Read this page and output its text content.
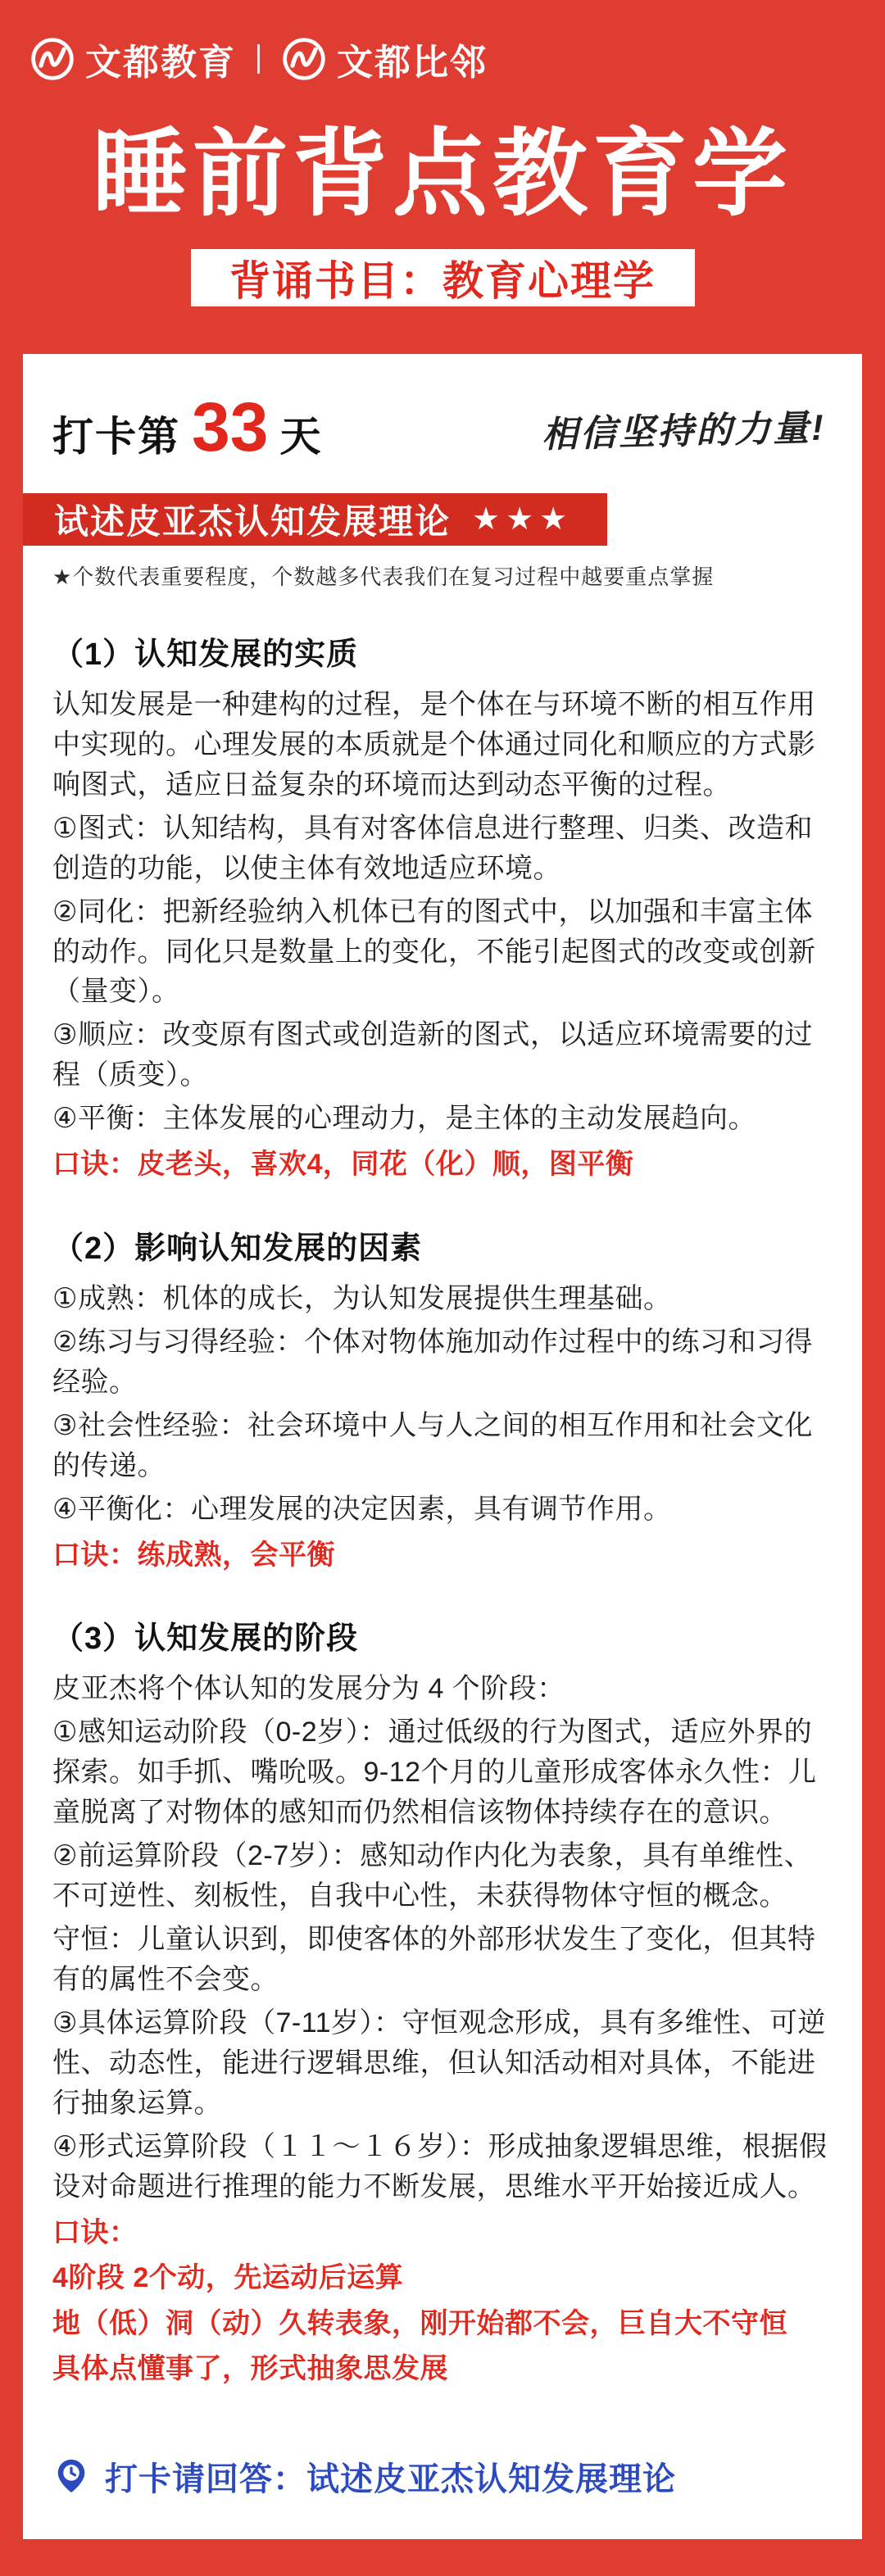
文都教育	文都比邻
睡前背点教育学
背诵书目：教育心理学
打卡第 33 天	相信坚持的力量!
试述皮亚杰认知发展理论 ★★★

★个数代表重要程度，个数越多代表我们在复习过程中越要重点掌握

（1）认知发展的实质

认知发展是一种建构的过程，是个体在与环境不断的相互作用中实现的。心理发展的本质就是个体通过同化和顺应的方式影响图式，适应日益复杂的环境而达到动态平衡的过程。

①图式：认知结构，具有对客体信息进行整理、归类、改造和创造的功能，以使主体有效地适应环境。

②同化：把新经验纳入机体已有的图式中，以加强和丰富主体的动作。同化只是数量上的变化，不能引起图式的改变或创新（量变）。

③顺应：改变原有图式或创造新的图式，以适应环境需要的过程（质变）。

④平衡：主体发展的心理动力，是主体的主动发展趋向。

口诀：皮老头，喜欢4，同花（化）顺，图平衡

（2）影响认知发展的因素

①成熟：机体的成长，为认知发展提供生理基础。

②练习与习得经验：个体对物体施加动作过程中的练习和习得经验。

③社会性经验：社会环境中人与人之间的相互作用和社会文化的传递。

④平衡化：心理发展的决定因素，具有调节作用。

口诀：练成熟，会平衡

（3）认知发展的阶段

皮亚杰将个体认知的发展分为 4 个阶段：

①感知运动阶段（0-2岁）：通过低级的行为图式，适应外界的探索。如手抓、嘴吮吸。9-12个月的儿童形成客体永久性：儿童脱离了对物体的感知而仍然相信该物体持续存在的意识。

②前运算阶段（2-7岁）：感知动作内化为表象，具有单维性、不可逆性、刻板性，自我中心性，未获得物体守恒的概念。

守恒：儿童认识到，即使客体的外部形状发生了变化，但其特有的属性不会变。

③具体运算阶段（7-11岁）：守恒观念形成，具有多维性、可逆性、动态性，能进行逻辑思维，但认知活动相对具体，不能进行抽象运算。

④形式运算阶段（１１～１６岁）：形成抽象逻辑思维，根据假设对命题进行推理的能力不断发展，思维水平开始接近成人。

口诀：

4阶段 2个动，先运动后运算

地（低）洞（动）久转表象，刚开始都不会，巨自大不守恒

具体点懂事了，形式抽象思发展

打卡请回答：试述皮亚杰认知发展理论
